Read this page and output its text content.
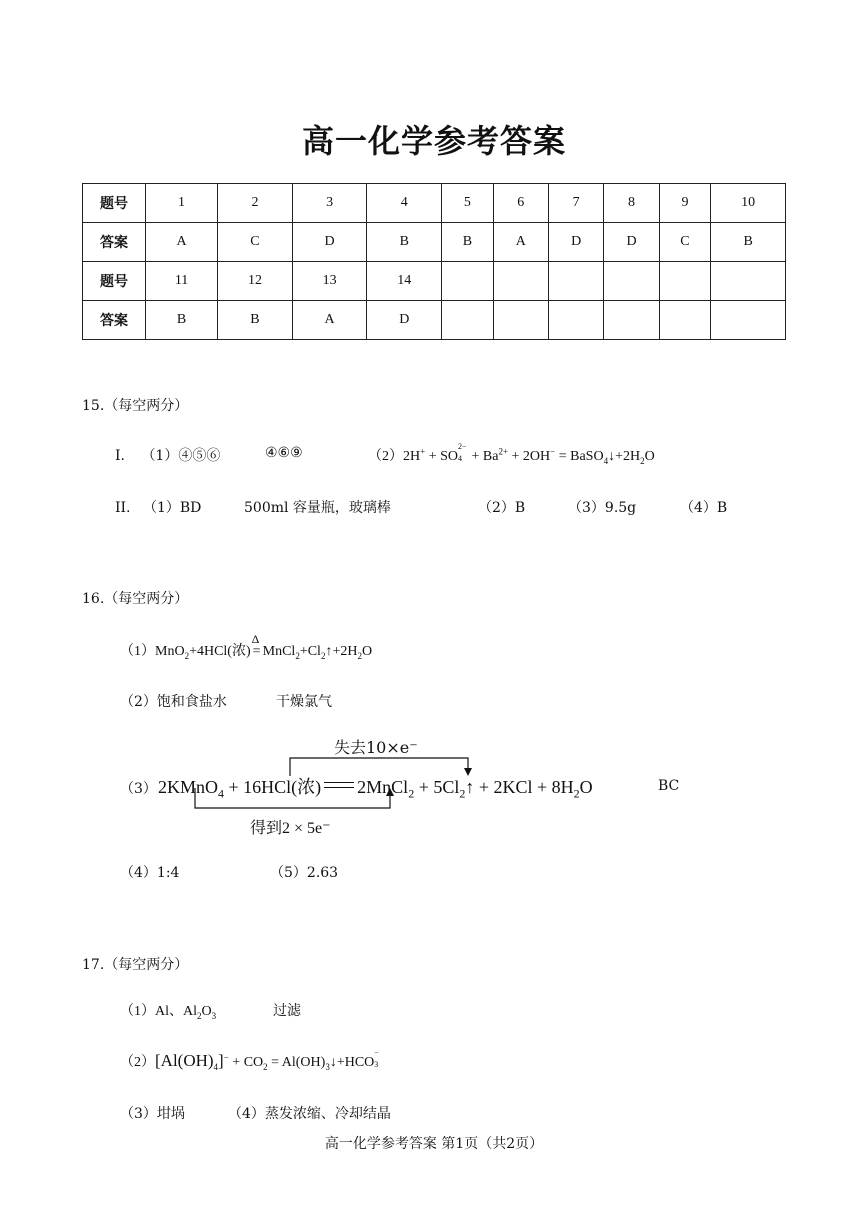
高一化学参考答案
题号	1	2	3	4	5	6	7	8	9	10
答案	A	C	D	B	B	A	D	D	C	B
题号	11	12	13	14						
答案	B	B	A	D						
15.（每空两分）
I. （1）④⑤⑥	④⑥⑨	（2）2H+ + SO
2−
$4 + Ba^{2+} + 2OH^-$ = $BaSO_4↓+2H_2O$
II. （1）BD	500ml 容量瓶，玻璃棒	（2）B	（3）9.5g	（4）B
16.（每空两分）
（1）MnO$_2$+4HCl(浓)
Δ
= $MnCl_2+Cl_2↑+2H_2O$
（2）饱和食盐水	干燥氯气
失去10×e⁻
（3） 2KMnO$_4$ + 16HCl(浓) 2MnCl$_2$ + $5Cl_2↑ + 2KCl + 8H_2O$	BC
得到2 × 5e⁻
（4）1:4	（5）2.63
17.（每空两分）
（1）Al、$Al_2O_3$	过滤
$(2)[Al(OH)_4]^- + CO_2$ = $Al(OH)_3↓+HCO$
−
3
（3）坩埚	（4）蒸发浓缩、冷却结晶
高一化学参考答案 第1页（共2页）
